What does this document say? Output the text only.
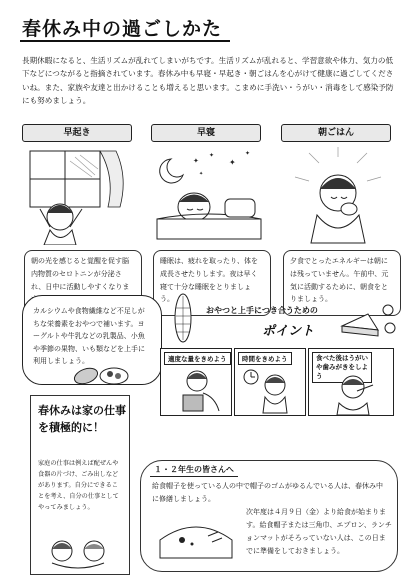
春休み中の過ごしかた
長期休暇になると、生活リズムが乱れてしまいがちです。生活リズムが乱れると、学習意欲や体力、気力の低下などにつながると指摘されています。春休み中も早寝・早起き・朝ごはんを心がけて健康に過ごしてくださいね。また、家族や友達と出かけることも増えると思います。こまめに手洗い・うがい・消毒をして感染予防にも努めましょう。
早起き	早寝	朝ごはん
✦
✦
✦
✦
✦
朝の光を感じると覚醒を促す脳内物質のセロトニンが分泌され、日中に活動しやすくなりま
睡眠は、疲れを取ったり、体を成長させたりします。夜は早く寝て十分な睡眠をとりましょう。
夕食でとったエネルギーは朝には残っていません。午前中、元気に活動するために、朝食をとりましょう。
カルシウムや食物繊維など不足しがちな栄養素をおやつで補います。ヨーグルトや牛乳などの乳製品、小魚や季節の果物、いも類などを上手に利用しましょう。
おやつと上手につき合うための
ポイント
適度な量をきめよう	時間をきめよう	食べた後はうがいや歯みがきをしよう
春休みは家の仕事を積極的に！
家庭の仕事は例えば配ぜんや食器の片づけ、ごみ出しなどがあります。自分にできることを考え、自分の仕事としてやってみましょう。
１・２年生の皆さんへ
給食帽子を使っている人の中で帽子のゴムがゆるんでいる人は、春休み中に修繕しましょう。
次年度は４月９日（金）より給食が始まります。給食帽子または三角巾、エプロン、ランチョンマットがそろっていない人は、この日までに準備をしておきましょう。
